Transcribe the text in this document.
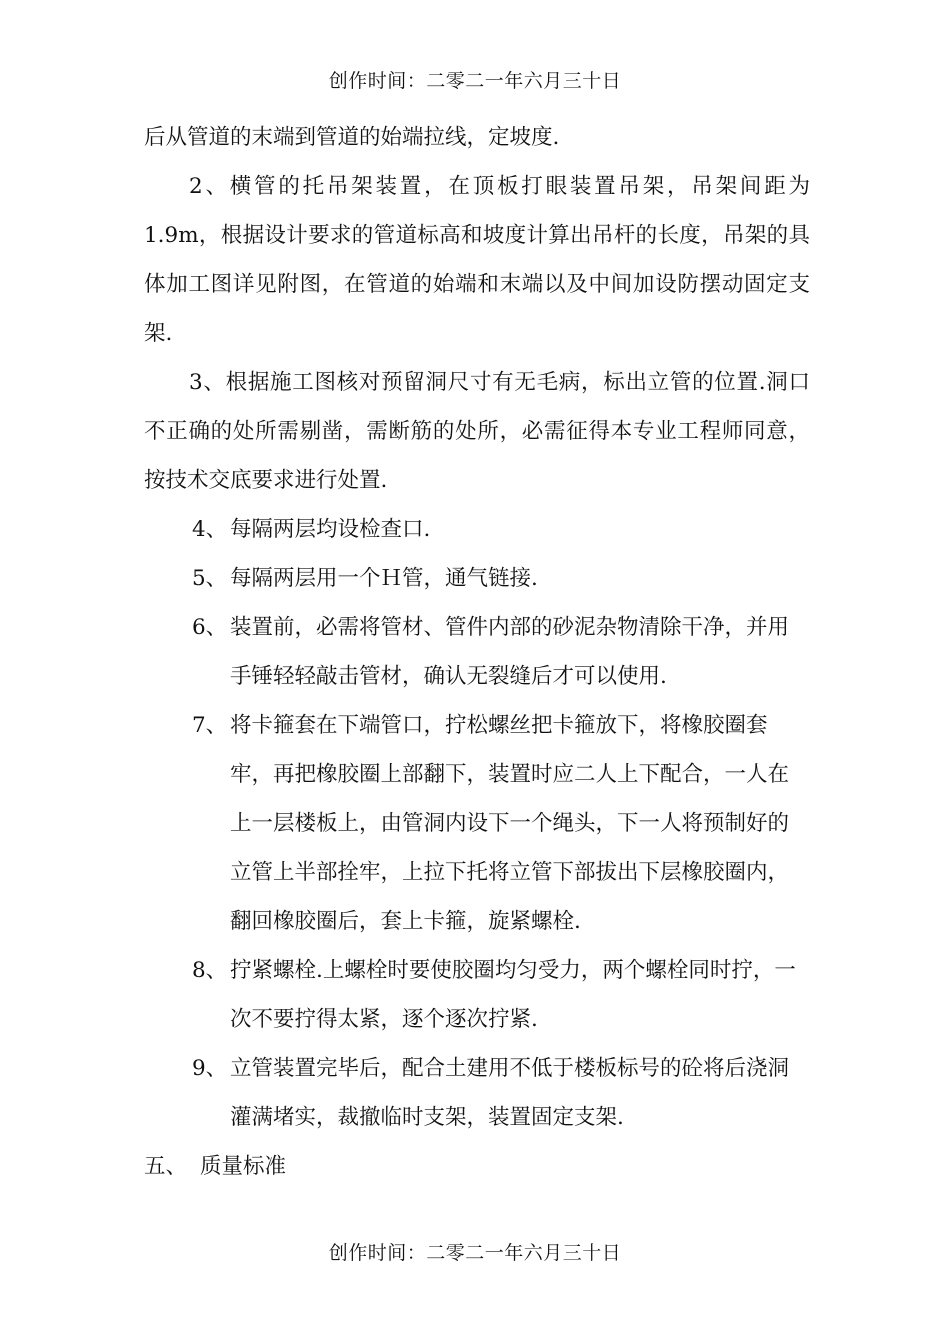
创作时间：二零二一年六月三十日

后从管道的末端到管道的始端拉线，定坡度.

2、横管的托吊架装置，在顶板打眼装置吊架，吊架间距为1.9m，根据设计要求的管道标高和坡度计算出吊杆的长度，吊架的具体加工图详见附图，在管道的始端和末端以及中间加设防摆动固定支架.

3、根据施工图核对预留洞尺寸有无毛病，标出立管的位置.洞口不正确的处所需剔凿，需断筋的处所，必需征得本专业工程师同意，按技术交底要求进行处置.

4、 每隔两层均设检查口.

5、 每隔两层用一个Ｈ管，通气链接.

6、 装置前，必需将管材、管件内部的砂泥杂物清除干净，并用手锤轻轻敲击管材，确认无裂缝后才可以使用.

7、 将卡箍套在下端管口，拧松螺丝把卡箍放下，将橡胶圈套牢，再把橡胶圈上部翻下，装置时应二人上下配合，一人在上一层楼板上，由管洞内设下一个绳头，下一人将预制好的立管上半部拴牢，上拉下托将立管下部拔出下层橡胶圈内，翻回橡胶圈后，套上卡箍，旋紧螺栓.

8、 拧紧螺栓.上螺栓时要使胶圈均匀受力，两个螺栓同时拧，一次不要拧得太紧，逐个逐次拧紧.

9、 立管装置完毕后，配合土建用不低于楼板标号的砼将后浇洞灌满堵实，裁撤临时支架，装置固定支架.

五、 质量标准

创作时间：二零二一年六月三十日
